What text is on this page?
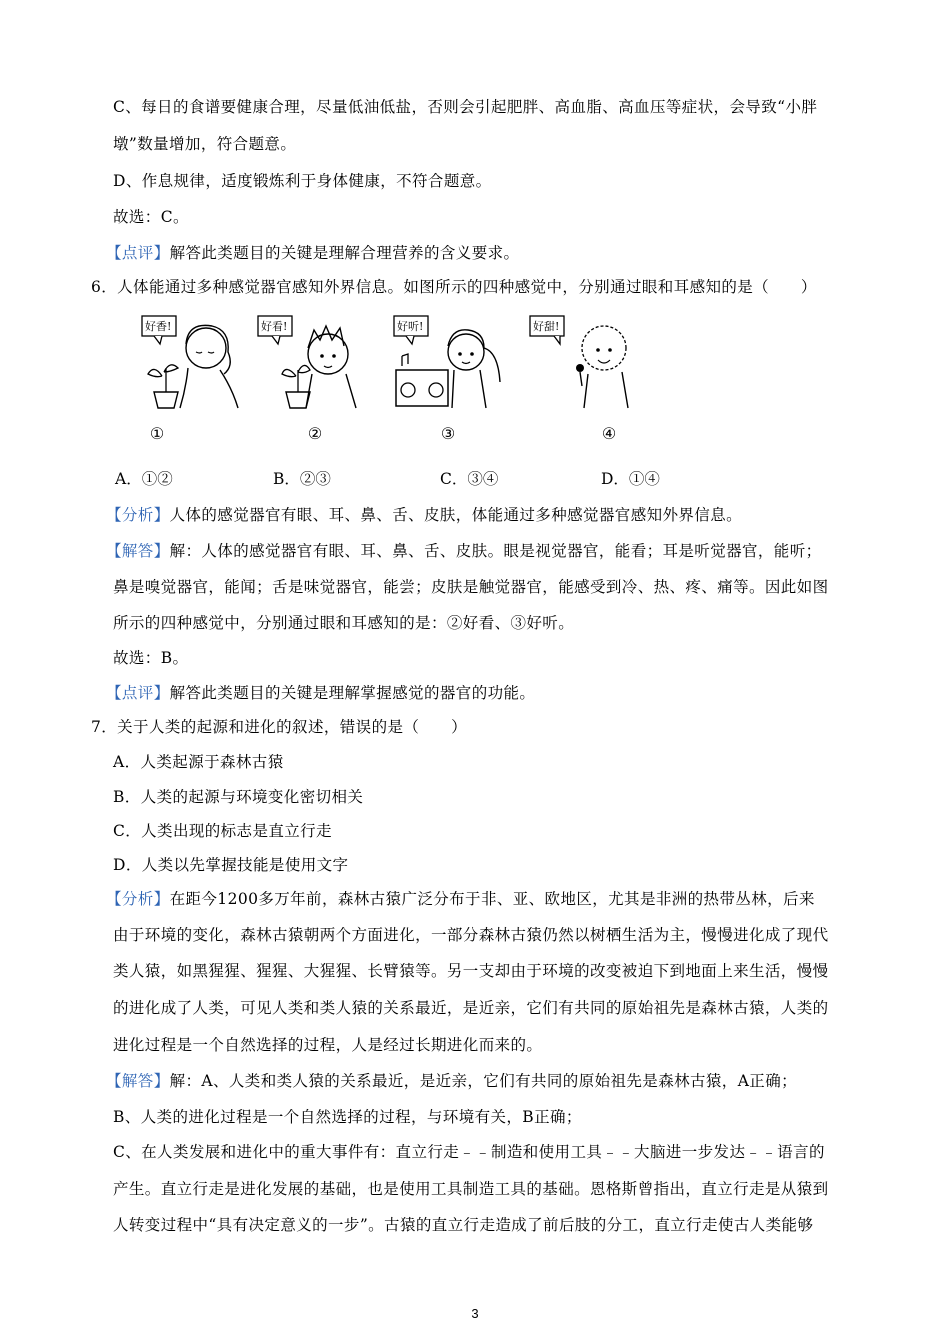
C、每日的食谱要健康合理，尽量低油低盐，否则会引起肥胖、高血脂、高血压等症状，会导致“小胖
墩”数量增加，符合题意。
D、作息规律，适度锻炼利于身体健康，不符合题意。
故选：C。
【点评】解答此类题目的关键是理解合理营养的含义要求。
6．人体能通过多种感觉器官感知外界信息。如图所示的四种感觉中，分别通过眼和耳感知的是（　　）
好香!	好看!	好听!	好甜!
①	②	③	④
A．①②	B．②③	C．③④	D．①④
【分析】人体的感觉器官有眼、耳、鼻、舌、皮肤，体能通过多种感觉器官感知外界信息。
【解答】解：人体的感觉器官有眼、耳、鼻、舌、皮肤。眼是视觉器官，能看；耳是听觉器官，能听；
鼻是嗅觉器官，能闻；舌是味觉器官，能尝；皮肤是触觉器官，能感受到冷、热、疼、痛等。因此如图
所示的四种感觉中，分别通过眼和耳感知的是：②好看、③好听。
故选：B。
【点评】解答此类题目的关键是理解掌握感觉的器官的功能。
7．关于人类的起源和进化的叙述，错误的是（　　）
A．人类起源于森林古猿
B．人类的起源与环境变化密切相关
C．人类出现的标志是直立行走
D．人类以先掌握技能是使用文字
【分析】在距今1200多万年前，森林古猿广泛分布于非、亚、欧地区，尤其是非洲的热带丛林，后来
由于环境的变化，森林古猿朝两个方面进化，一部分森林古猿仍然以树栖生活为主，慢慢进化成了现代
类人猿，如黑猩猩、猩猩、大猩猩、长臂猿等。另一支却由于环境的改变被迫下到地面上来生活，慢慢
的进化成了人类，可见人类和类人猿的关系最近，是近亲，它们有共同的原始祖先是森林古猿，人类的
进化过程是一个自然选择的过程，人是经过长期进化而来的。
【解答】解：A、人类和类人猿的关系最近，是近亲，它们有共同的原始祖先是森林古猿，A正确；
B、人类的进化过程是一个自然选择的过程，与环境有关，B正确；
C、在人类发展和进化中的重大事件有：直立行走﹣﹣制造和使用工具﹣﹣大脑进一步发达﹣﹣语言的
产生。直立行走是进化发展的基础，也是使用工具制造工具的基础。恩格斯曾指出，直立行走是从猿到
人转变过程中“具有决定意义的一步”。古猿的直立行走造成了前后肢的分工，直立行走使古人类能够
3
